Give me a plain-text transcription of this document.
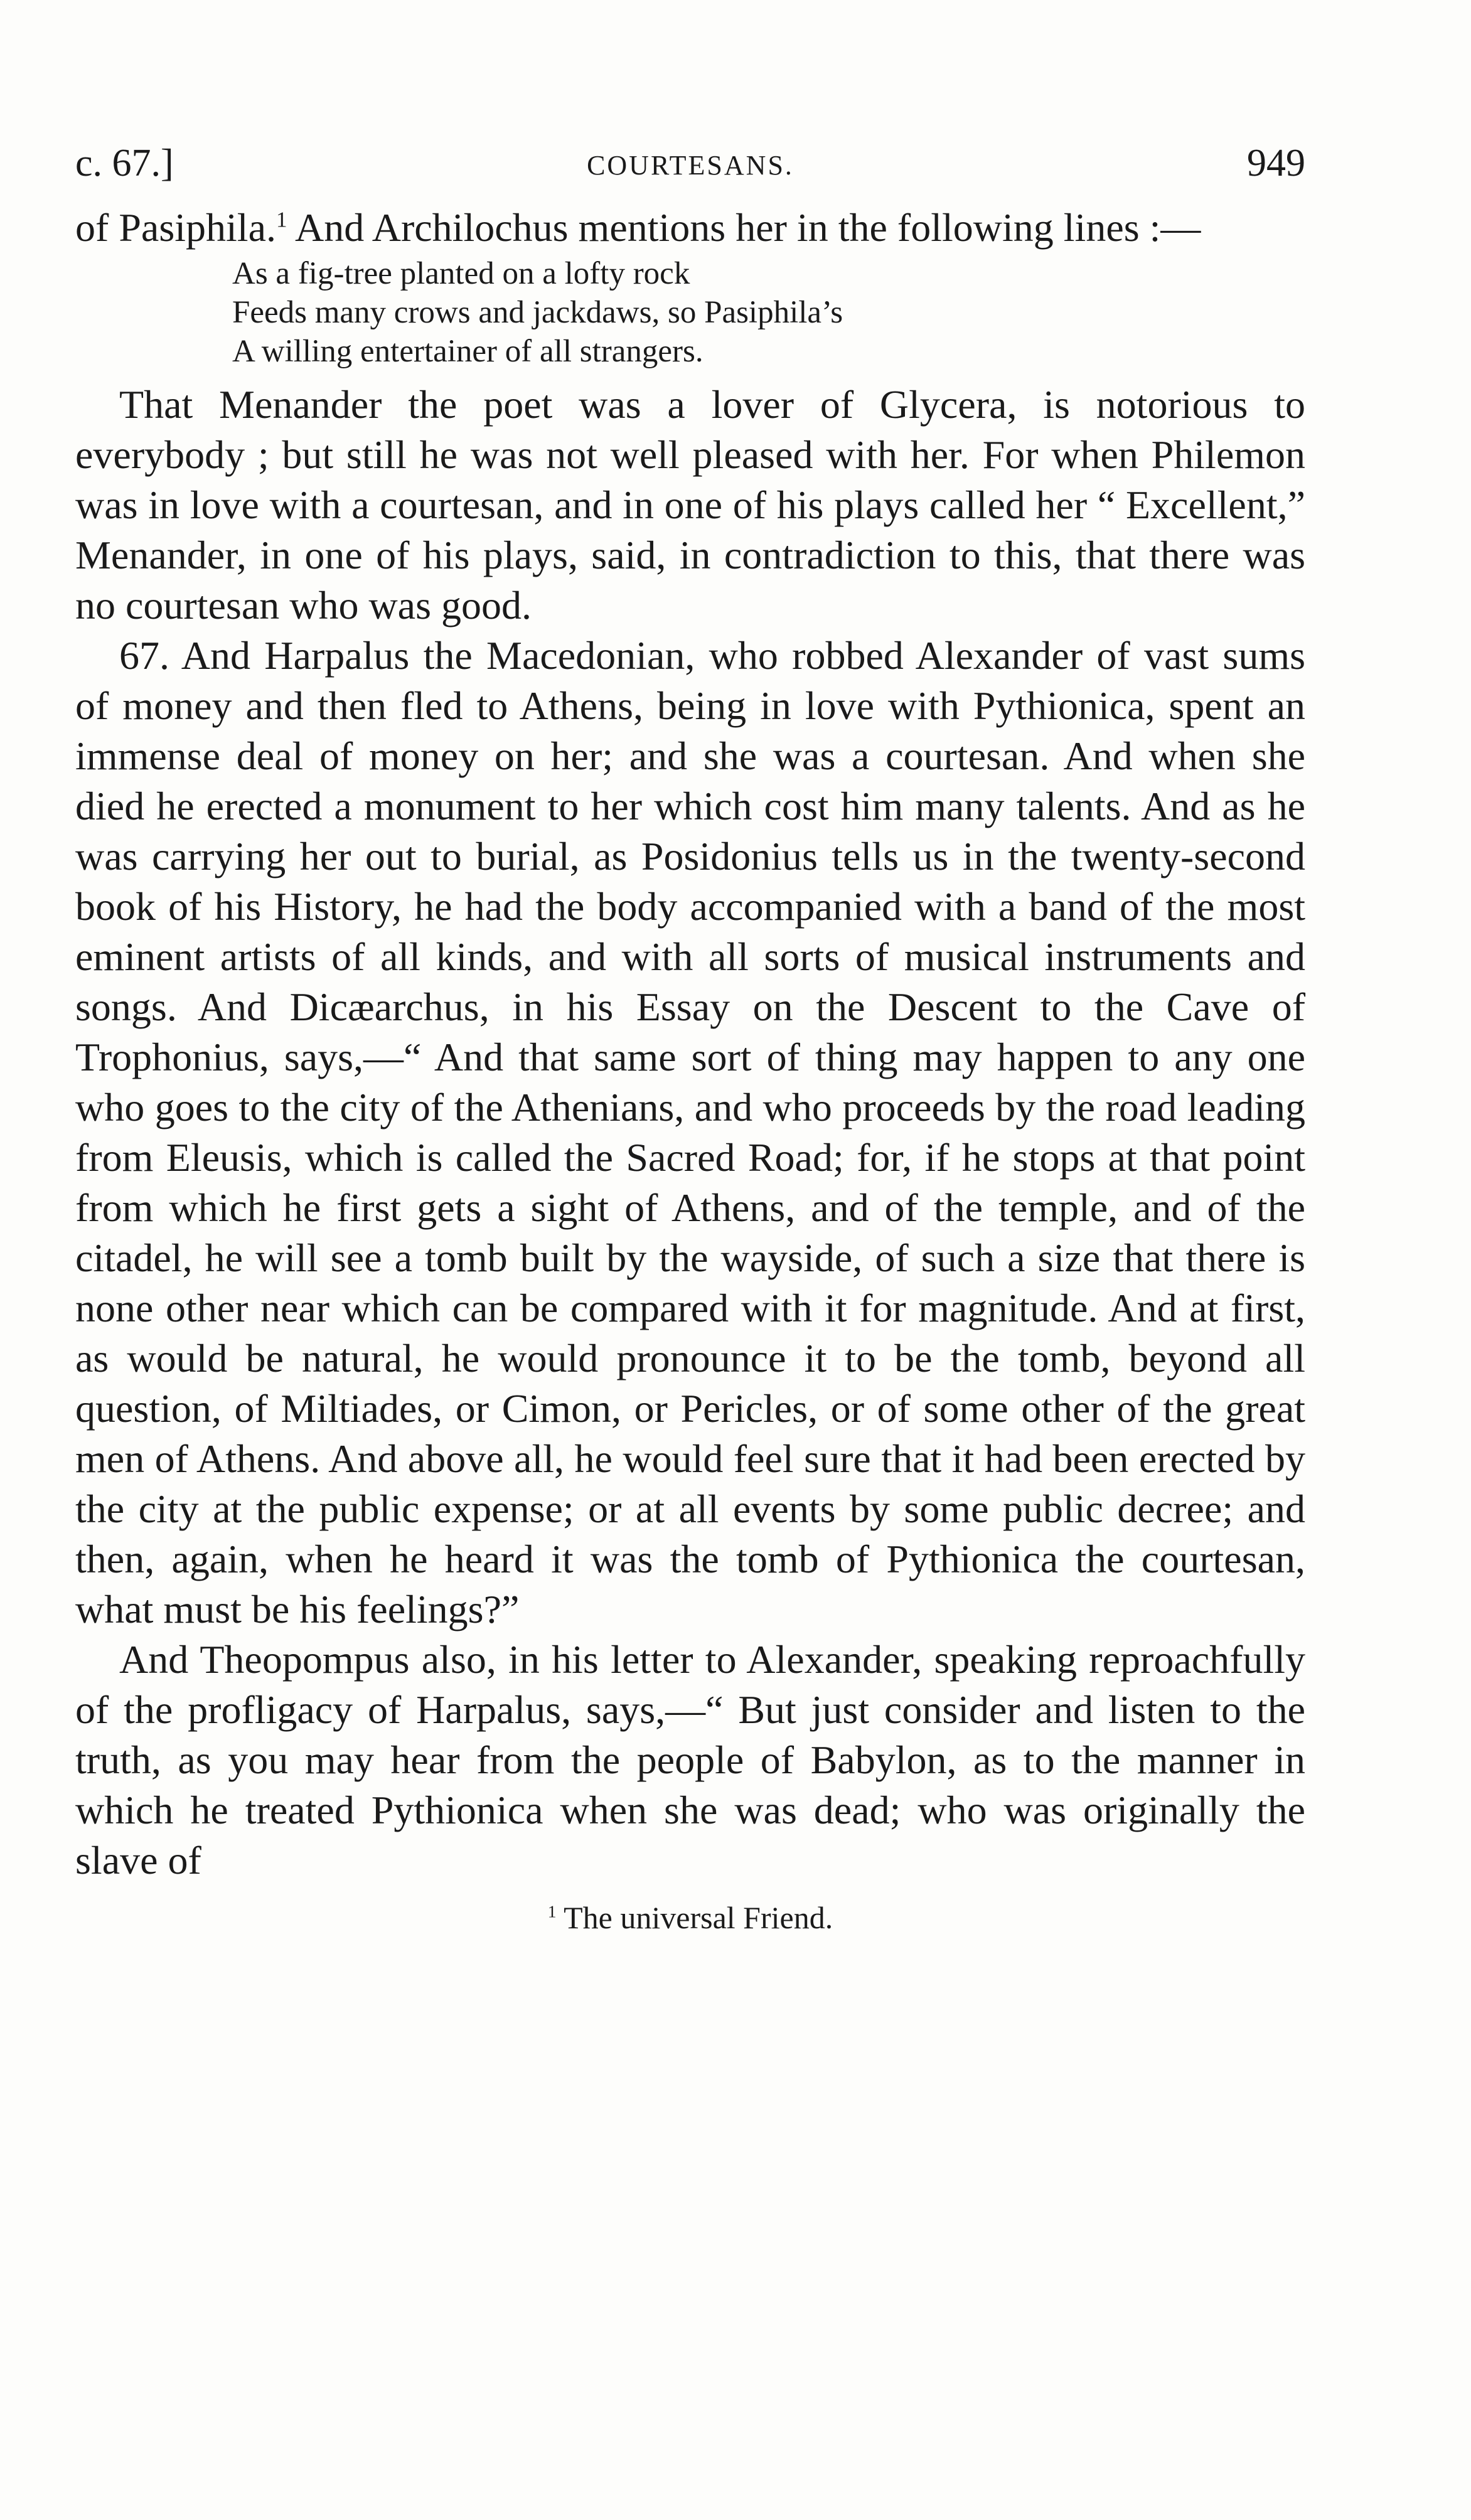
c. 67.]	COURTESANS.	949

of Pasiphila.$^1$ And Archilochus mentions her in the following lines :—

As a fig-tree planted on a lofty rock
Feeds many crows and jackdaws, so Pasiphila’s
A willing entertainer of all strangers.

That Menander the poet was a lover of Glycera, is notorious to everybody ; but still he was not well pleased with her. For when Philemon was in love with a courtesan, and in one of his plays called her “ Excellent,” Menander, in one of his plays, said, in contradiction to this, that there was no courtesan who was good.

67. And Harpalus the Macedonian, who robbed Alexander of vast sums of money and then fled to Athens, being in love with Pythionica, spent an immense deal of money on her; and she was a courtesan. And when she died he erected a monument to her which cost him many talents. And as he was carrying her out to burial, as Posidonius tells us in the twenty-second book of his History, he had the body accompanied with a band of the most eminent artists of all kinds, and with all sorts of musical instruments and songs. And Dicæarchus, in his Essay on the Descent to the Cave of Trophonius, says,—“ And that same sort of thing may happen to any one who goes to the city of the Athenians, and who proceeds by the road leading from Eleusis, which is called the Sacred Road; for, if he stops at that point from which he first gets a sight of Athens, and of the temple, and of the citadel, he will see a tomb built by the wayside, of such a size that there is none other near which can be compared with it for magnitude. And at first, as would be natural, he would pronounce it to be the tomb, beyond all question, of Miltiades, or Cimon, or Pericles, or of some other of the great men of Athens. And above all, he would feel sure that it had been erected by the city at the public expense; or at all events by some public decree; and then, again, when he heard it was the tomb of Pythionica the courtesan, what must be his feelings?”

And Theopompus also, in his letter to Alexander, speaking reproachfully of the profligacy of Harpalus, says,—“ But just consider and listen to the truth, as you may hear from the people of Babylon, as to the manner in which he treated Pythionica when she was dead; who was originally the slave of

$^1$ The universal Friend.
